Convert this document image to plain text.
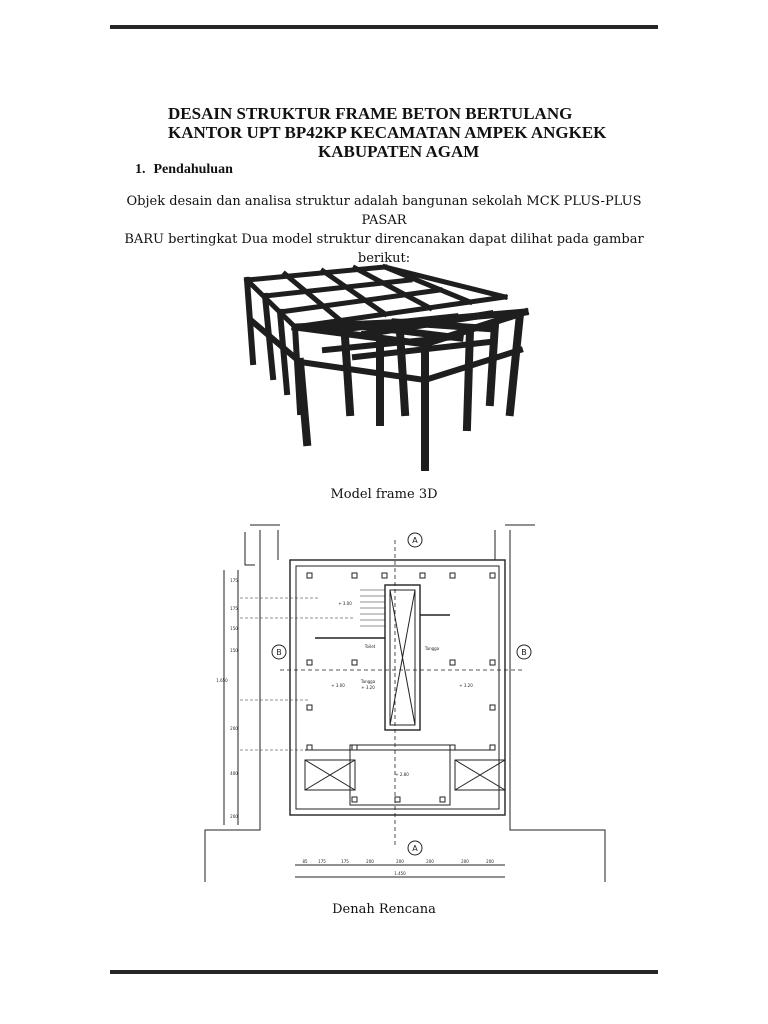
DESAIN STRUKTUR FRAME BETON BERTULANG
KANTOR UPT BP42KP KECAMATAN AMPEK ANGKEK
KABUPATEN AGAM
1. Pendahuluan
Objek desain dan analisa struktur adalah bangunan sekolah MCK PLUS-PLUS PASAR
BARU bertingkat Dua model struktur direncanakan dapat dilihat pada gambar berikut:
Model frame 3D
A
A
B	B
Toilet	Tangga
Tangga
+ 3.00
+ 2.80
+ 3.00	+ 3.20
+ 3.20
175
175
150
150
1.650
200
400
200
85	175	175	200	200	200	200	200
1.450
Denah Rencana
